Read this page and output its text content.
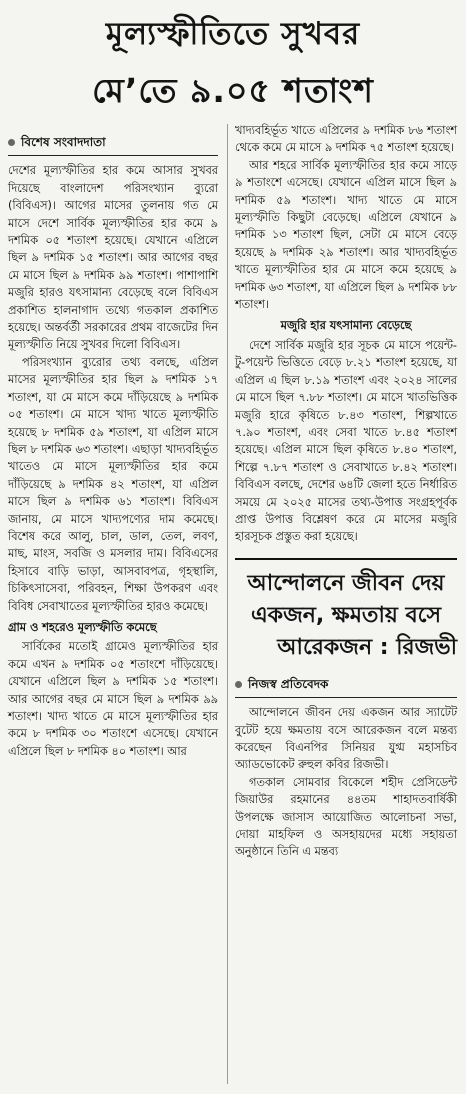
মূল্যস্ফীতিতে সুখবর
মে’তে ৯.০৫ শতাংশ
বিশেষ সংবাদদাতা

দেশের মূল্যস্ফীতির হার কমে আসার সুখবর দিয়েছে বাংলাদেশ পরিসংখ্যান ব্যুরো (বিবিএস)। আগের মাসের তুলনায় গত মে মাসে দেশে সার্বিক মূল্যস্ফীতির হার কমে ৯ দশমিক ০৫ শতাংশ হয়েছে। যেখানে এপ্রিলে ছিল ৯ দশমিক ১৫ শতাংশ। আর আগের বছর মে মাসে ছিল ৯ দশমিক ৯৯ শতাংশ। পাশাপাশি মজুরি হারও যৎসামান্য বেড়েছে বলে বিবিএস প্রকাশিত হালনাগাদ তথ্যে গতকাল প্রকাশিত হয়েছে। অন্তর্বর্তী সরকারের প্রথম বাজেটের দিন মূল্যস্ফীতি নিয়ে সুখবর দিলো বিবিএস।

পরিসংখ্যান ব্যুরোর তথ্য বলছে, এপ্রিল মাসের মূল্যস্ফীতির হার ছিল ৯ দশমিক ১৭ শতাংশ, যা মে মাসে কমে দাঁড়িয়েছে ৯ দশমিক ০৫ শতাংশ। মে মাসে খাদ্য খাতে মূল্যস্ফীতি হয়েছে ৮ দশমিক ৫৯ শতাংশ, যা এপ্রিল মাসে ছিল ৮ দশমিক ৬৩ শতাংশ। এছাড়া খাদ্যবহির্ভূত খাতেও মে মাসে মূল্যস্ফীতির হার কমে দাঁড়িয়েছে ৯ দশমিক ৪২ শতাংশ, যা এপ্রিল মাসে ছিল ৯ দশমিক ৬১ শতাংশ। বিবিএস জানায়, মে মাসে খাদ্যপণ্যের দাম কমেছে। বিশেষ করে আলু, চাল, ডাল, তেল, লবণ, মাছ, মাংস, সবজি ও মসলার দাম। বিবিএসের হিসাবে বাড়ি ভাড়া, আসবাবপত্র, গৃহস্থালি, চিকিৎসাসেবা, পরিবহন, শিক্ষা উপকরণ এবং বিবিধ সেবাখাতের মূল্যস্ফীতির হারও কমেছে।

গ্রাম ও শহরেও মূল্যস্ফীতি কমেছে

সার্বিকের মতোই গ্রামেও মূল্যস্ফীতির হার কমে এখন ৯ দশমিক ০৫ শতাংশে দাঁড়িয়েছে। যেখানে এপ্রিলে ছিল ৯ দশমিক ১৫ শতাংশ। আর আগের বছর মে মাসে ছিল ৯ দশমিক ৯৯ শতাংশ। খাদ্য খাতে মে মাসে মূল্যস্ফীতির হার কমে ৮ দশমিক ৩০ শতাংশে এসেছে। যেখানে এপ্রিলে ছিল ৮ দশমিক ৪০ শতাংশ। আর

খাদ্যবহির্ভূত খাতে এপ্রিলের ৯ দশমিক ৮৬ শতাংশ থেকে কমে মে মাসে ৯ দশমিক ৭৫ শতাংশ হয়েছে।

আর শহরে সার্বিক মূল্যস্ফীতির হার কমে সাড়ে ৯ শতাংশে এসেছে। যেখানে এপ্রিল মাসে ছিল ৯ দশমিক ৫৯ শতাংশ। খাদ্য খাতে মে মাসে মূল্যস্ফীতি কিছুটা বেড়েছে। এপ্রিলে যেখানে ৯ দশমিক ১৩ শতাংশ ছিল, সেটা মে মাসে বেড়ে হয়েছে ৯ দশমিক ২৯ শতাংশ। আর খাদ্যবহির্ভূত খাতে মূল্যস্ফীতির হার মে মাসে কমে হয়েছে ৯ দশমিক ৬৩ শতাংশ, যা এপ্রিলে ছিল ৯ দশমিক ৮৮ শতাংশ।

মজুরি হার যৎসামান্য বেড়েছে

দেশে সার্বিক মজুরি হার সূচক মে মাসে পয়েন্ট-টু-পয়েন্ট ভিত্তিতে বেড়ে ৮.২১ শতাংশ হয়েছে, যা এপ্রিল এ ছিল ৮.১৯ শতাংশ এবং ২০২৪ সালের মে মাসে ছিল ৭.৮৮ শতাংশ। মে মাসে খাতভিত্তিক মজুরি হারে কৃষিতে ৮.৪৩ শতাংশ, শিল্পখাতে ৭.৯০ শতাংশ, এবং সেবা খাতে ৮.৪৫ শতাংশ হয়েছে। এপ্রিল মাসে ছিল কৃষিতে ৮.৪০ শতাংশ, শিল্পে ৭.৮৭ শতাংশ ও সেবাখাতে ৮.৪২ শতাংশ। বিবিএস বলছে, দেশের ৬৪টি জেলা হতে নির্ধারিত সময়ে মে ২০২৫ মাসের তথ্য-উপাত্ত সংগ্রহপূর্বক প্রাপ্ত উপাত্ত বিশ্লেষণ করে মে মাসের মজুরি হারসূচক প্রস্তুত করা হয়েছে।

আন্দোলনে জীবন দেয়
একজন, ক্ষমতায় বসে
আরেকজন : রিজভী
নিজস্ব প্রতিবেদক

আন্দোলনে জীবন দেয় একজন আর স্যাটেট বুটেট হয়ে ক্ষমতায় বসে আরেকজন বলে মন্তব্য করেছেন বিএনপির সিনিয়র যুগ্ম মহাসচিব অ্যাডভোকেট রুহুল কবির রিজভী।

গতকাল সোমবার বিকেলে শহীদ প্রেসিডেন্ট জিয়াউর রহমানের ৪৪তম শাহাদতবার্ষিকী উপলক্ষে জাসাস আয়োজিত আলোচনা সভা, দোয়া মাহফিল ও অসহায়দের মধ্যে সহায়তা অনুষ্ঠানে তিনি এ মন্তব্য
